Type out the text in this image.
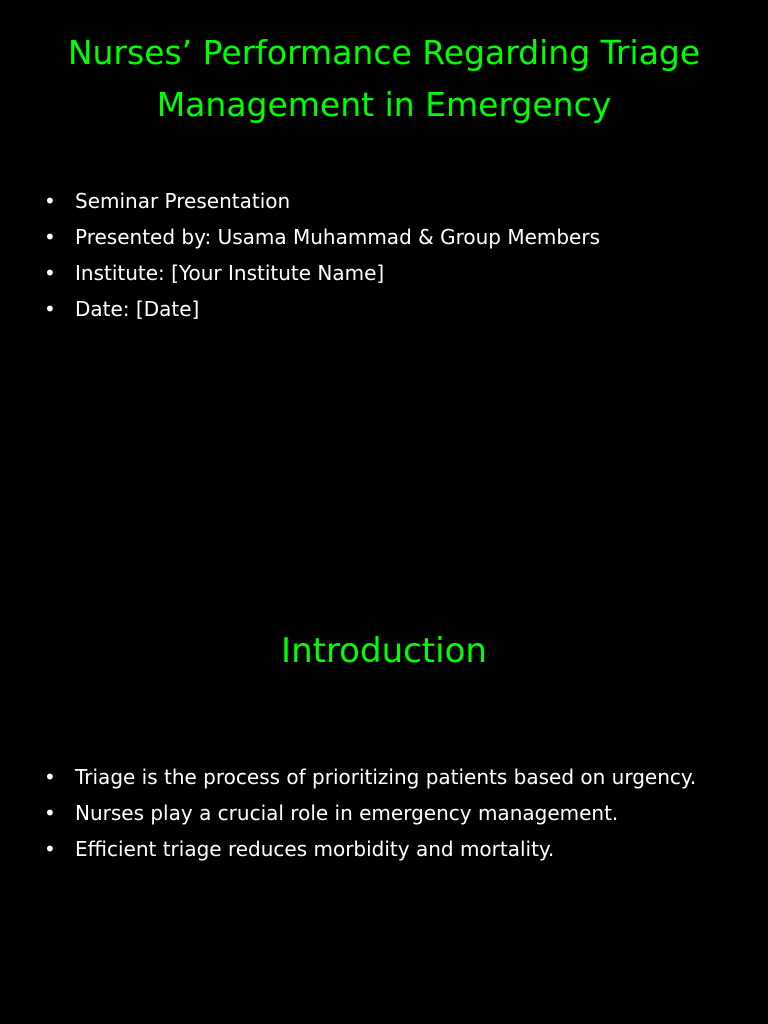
Nurses’ Performance Regarding Triage Management in Emergency
• Seminar Presentation
• Presented by: Usama Muhammad & Group Members
• Institute: [Your Institute Name]
• Date: [Date]
Introduction
• Triage is the process of prioritizing patients based on urgency.
• Nurses play a crucial role in emergency management.
• Efficient triage reduces morbidity and mortality.
